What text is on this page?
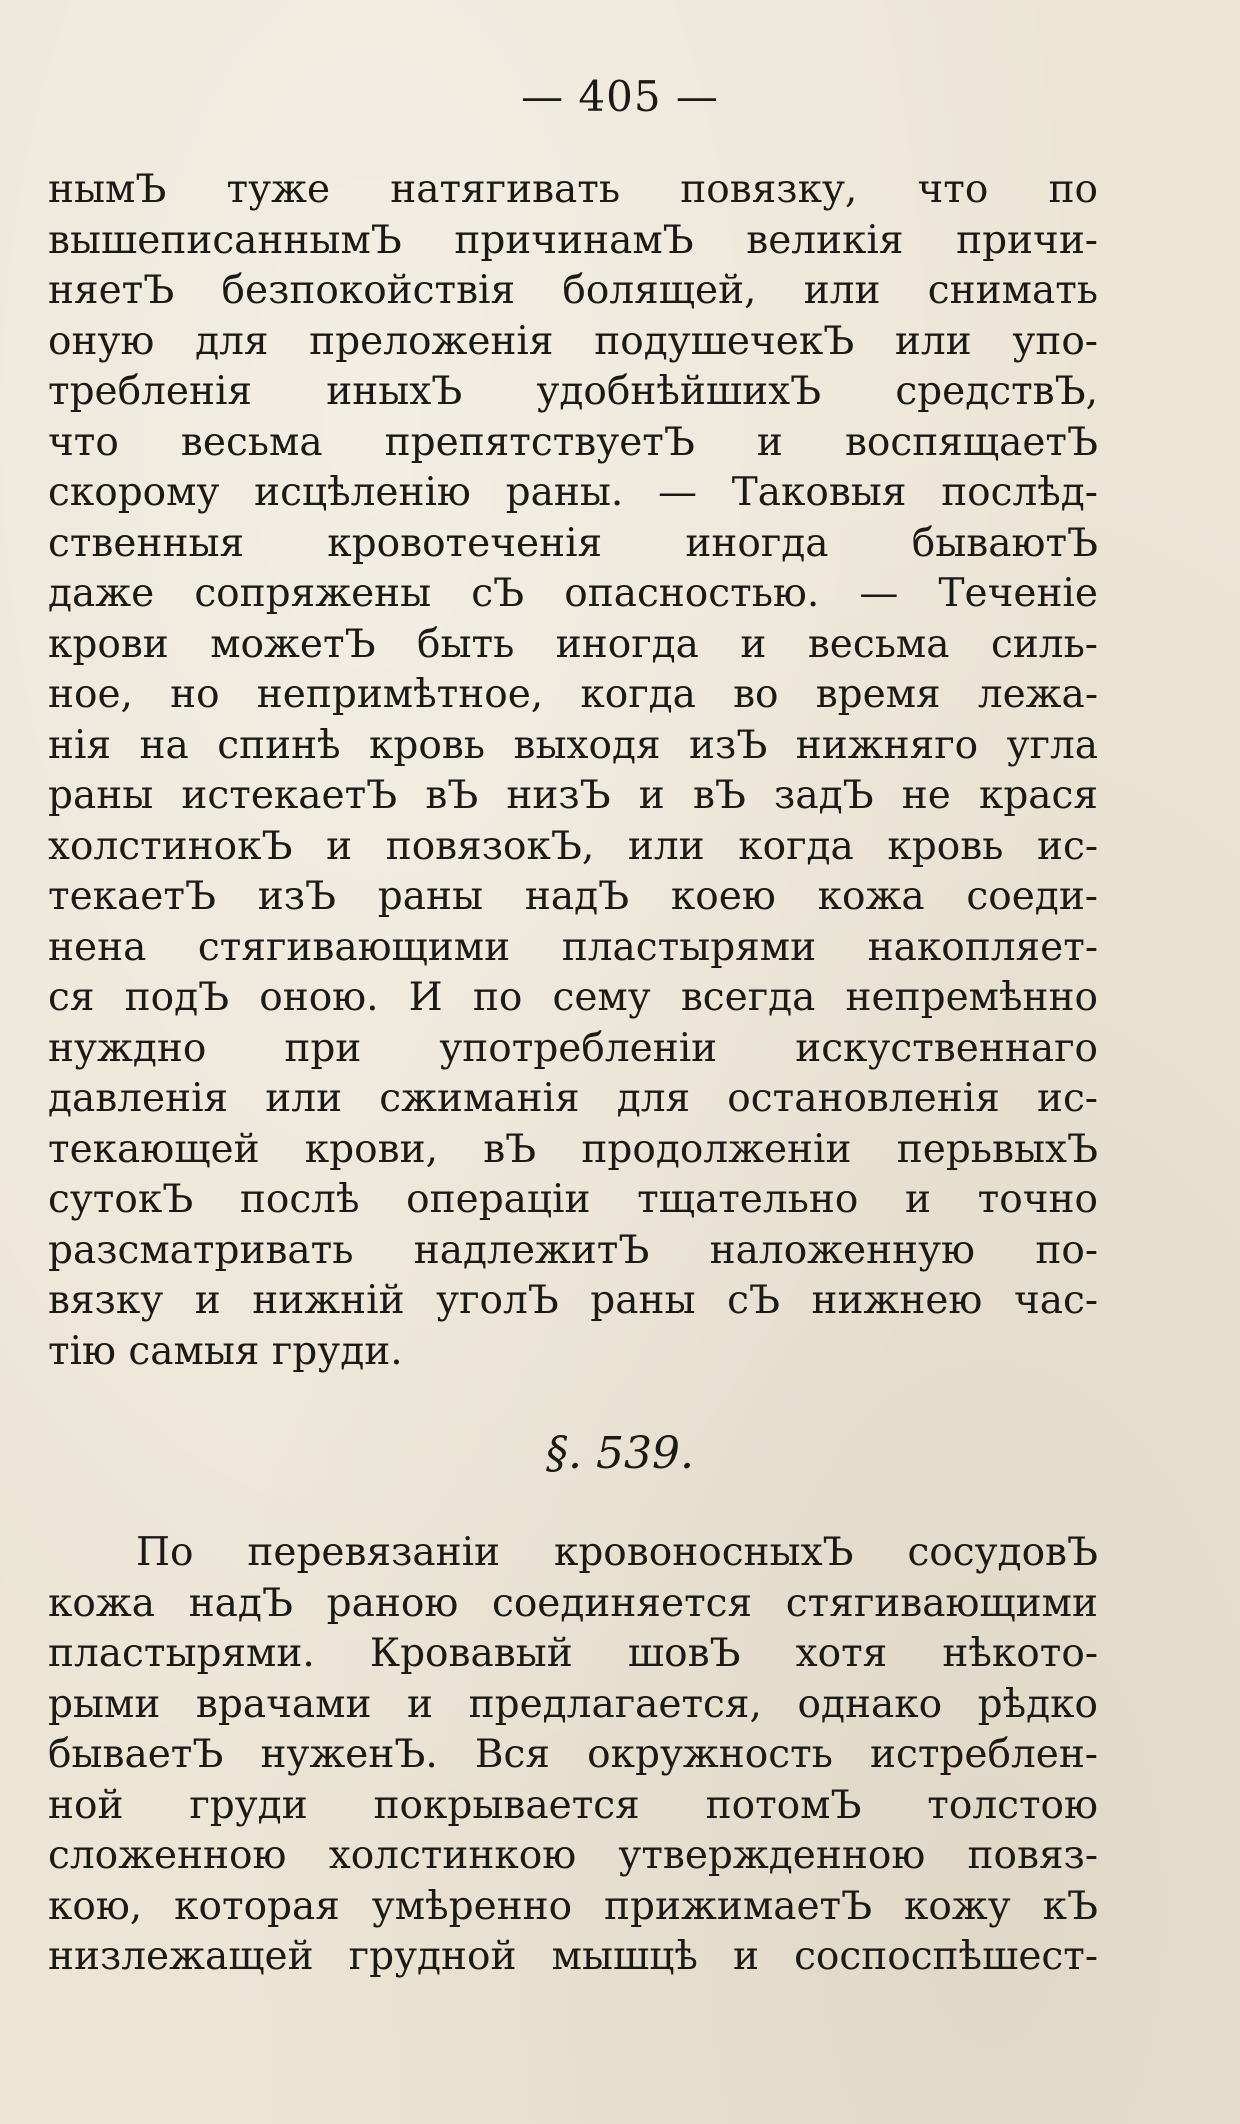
— 405 —
нымЪ туже натягивать повязку, что по
вышеписаннымЪ причинамЪ великія причи-
няетЪ безпокойствія болящей, или снимать
оную для преложенія подушечекЪ или упо-
требленія иныхЪ удобнѣйшихЪ средствЪ,
что весьма препятствуетЪ и воспящаетЪ
скорому исцѣленію раны. — Таковыя послѣд-
ственныя кровотеченія иногда бываютЪ
даже сопряжены сЪ опасностью. — Теченіе
крови можетЪ быть иногда и весьма силь-
ное, но непримѣтное, когда во время лежа-
нія на спинѣ кровь выходя изЪ нижняго угла
раны истекаетЪ вЪ низЪ и вЪ задЪ не крася
холстинокЪ и повязокЪ, или когда кровь ис-
текаетЪ изЪ раны надЪ коею кожа соеди-
нена стягивающими пластырями накопляет-
ся подЪ оною. И по сему всегда непремѣнно
нуждно при употребленіи искуственнаго
давленія или сжиманія для остановленія ис-
текающей крови, вЪ продолженіи перьвыхЪ
сутокЪ послѣ операціи тщательно и точно
разсматривать надлежитЪ наложенную по-
вязку и нижній уголЪ раны сЪ нижнею час-
тію самыя груди.
§. 539.
По перевязаніи кровоносныхЪ сосудовЪ
кожа надЪ раною соединяется стягивающими
пластырями. Кровавый шовЪ хотя нѣкото-
рыми врачами и предлагается, однако рѣдко
бываетЪ нуженЪ. Вся окружность истреблен-
ной груди покрывается потомЪ толстою
сложенною холстинкою утвержденною повяз-
кою, которая умѣренно прижимаетЪ кожу кЪ
низлежащей грудной мышцѣ и соспоспѣшест-
